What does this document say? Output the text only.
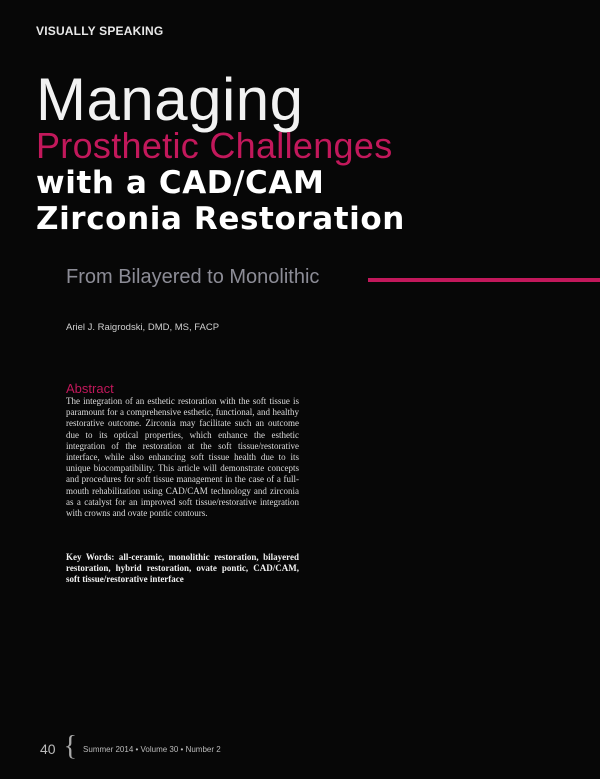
VISUALLY SPEAKING
Managing
Prosthetic Challenges
with a CAD/CAM
Zirconia Restoration
From Bilayered to Monolithic
Ariel J. Raigrodski, DMD, MS, FACP
Abstract

The integration of an esthetic restoration with the soft tissue is paramount for a comprehensive esthetic, functional, and healthy restorative outcome. Zirconia may facilitate such an outcome due to its optical properties, which enhance the esthetic integration of the restoration at the soft tissue/restorative interface, while also enhancing soft tissue health due to its unique biocompatibility. This article will demonstrate concepts and procedures for soft tissue management in the case of a full-mouth rehabilitation using CAD/CAM technology and zirconia as a catalyst for an improved soft tissue/restorative integration with crowns and ovate pontic contours.

Key Words: all-ceramic, monolithic restoration, bilayered restoration, hybrid restoration, ovate pontic, CAD/CAM, soft tissue/restorative interface

40 { Summer 2014 • Volume 30 • Number 2
